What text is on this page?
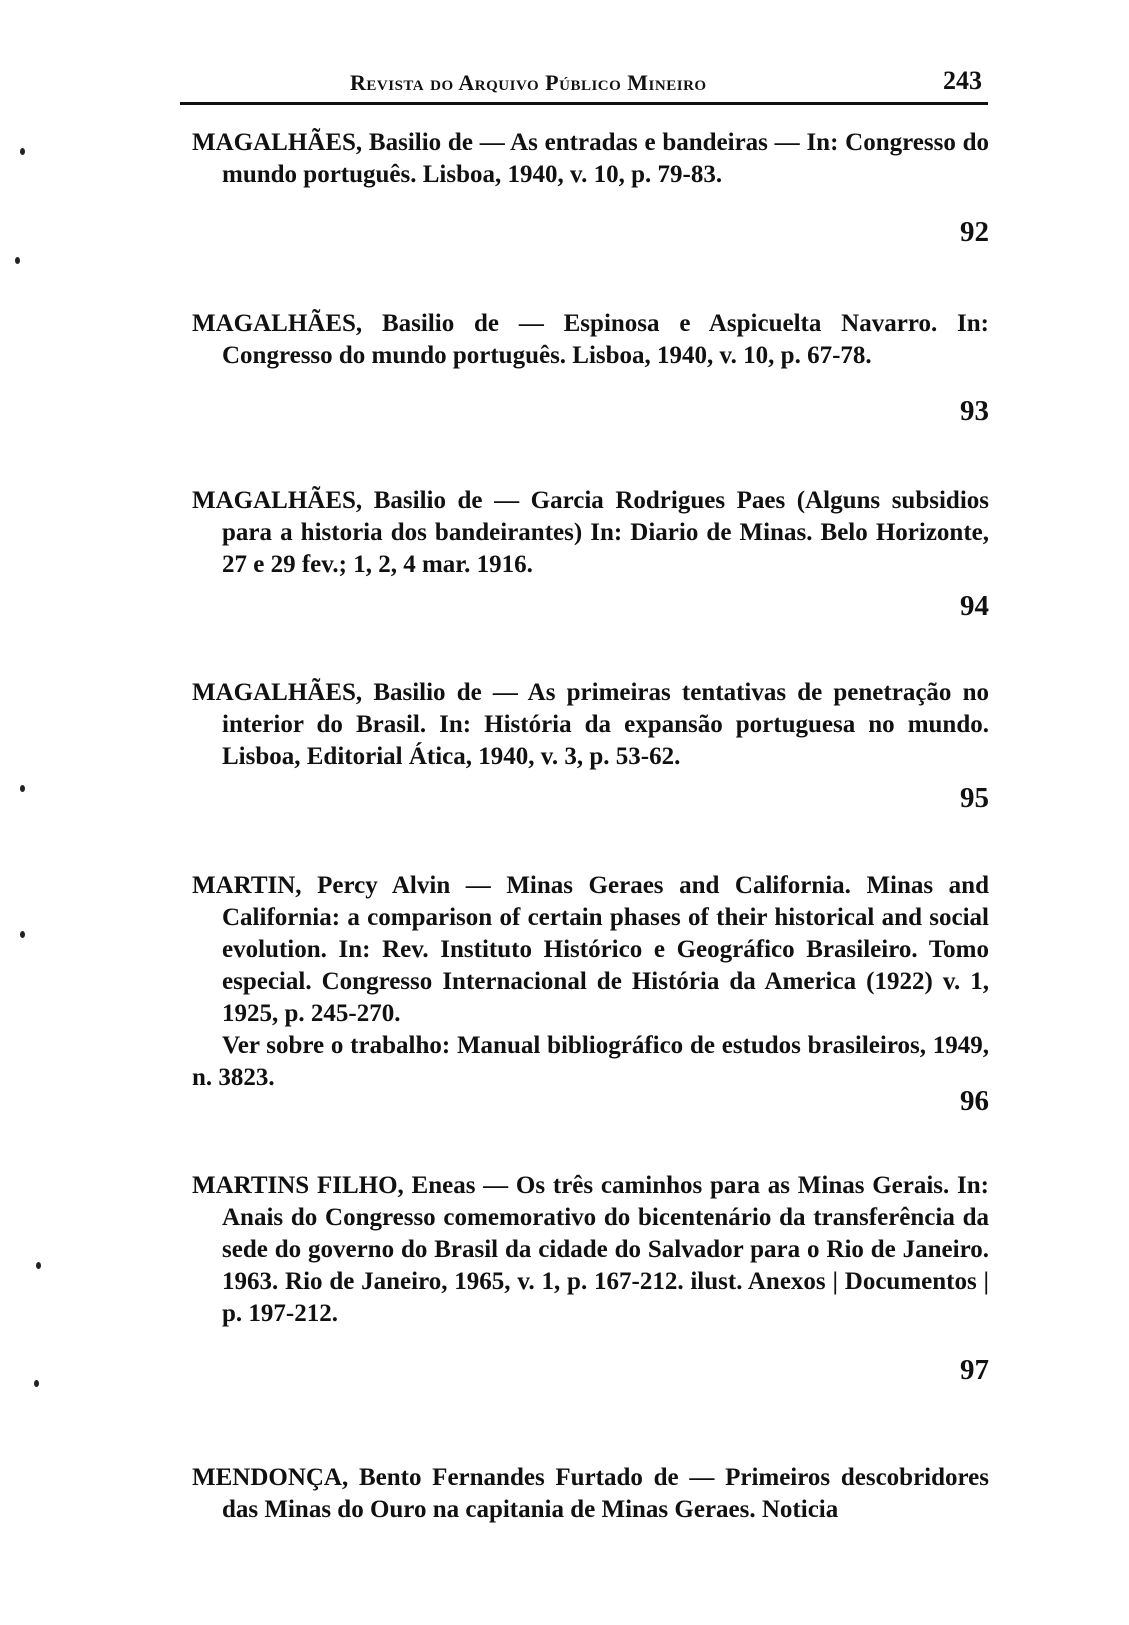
Revista do Arquivo Público Mineiro	243

MAGALHÃES, Basilio de — As entradas e bandeiras — In: Congresso do mundo português. Lisboa, 1940, v. 10, p. 79-83.

92

MAGALHÃES, Basilio de — Espinosa e Aspicuelta Navarro. In: Congresso do mundo português. Lisboa, 1940, v. 10, p. 67-78.

93

MAGALHÃES, Basilio de — Garcia Rodrigues Paes (Alguns subsidios para a historia dos bandeirantes) In: Diario de Minas. Belo Horizonte, 27 e 29 fev.; 1, 2, 4 mar. 1916.

94

MAGALHÃES, Basilio de — As primeiras tentativas de penetração no interior do Brasil. In: História da expansão portuguesa no mundo. Lisboa, Editorial Ática, 1940, v. 3, p. 53-62.

95

MARTIN, Percy Alvin — Minas Geraes and California. Minas and California: a comparison of certain phases of their historical and social evolution. In: Rev. Instituto Histórico e Geográfico Brasileiro. Tomo especial. Congresso Internacional de História da America (1922) v. 1, 1925, p. 245-270.

Ver sobre o trabalho: Manual bibliográfico de estudos brasileiros, 1949, n. 3823.

96

MARTINS FILHO, Eneas — Os três caminhos para as Minas Gerais. In: Anais do Congresso comemorativo do bicentenário da transferência da sede do governo do Brasil da cidade do Salvador para o Rio de Janeiro. 1963. Rio de Janeiro, 1965, v. 1, p. 167-212. ilust. Anexos | Documentos | p. 197-212.

97

MENDONÇA, Bento Fernandes Furtado de — Primeiros descobridores das Minas do Ouro na capitania de Minas Geraes. Noticia
